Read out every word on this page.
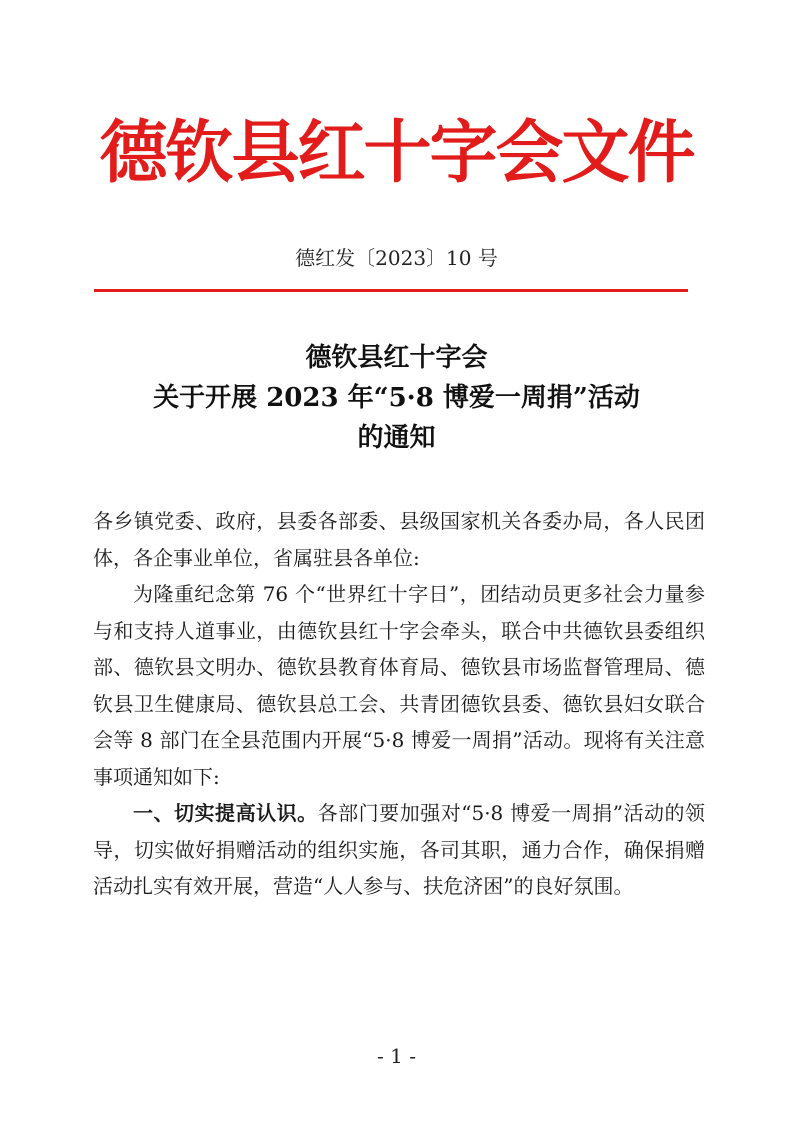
德钦县红十字会文件
德红发〔2023〕10 号
德钦县红十字会
关于开展 2023 年“5·8 博爱一周捐”活动
的通知

各乡镇党委、政府，县委各部委、县级国家机关各委办局，各人民团体，各企事业单位，省属驻县各单位:

为隆重纪念第 76 个“世界红十字日”，团结动员更多社会力量参与和支持人道事业，由德钦县红十字会牵头，联合中共德钦县委组织部、德钦县文明办、德钦县教育体育局、德钦县市场监督管理局、德钦县卫生健康局、德钦县总工会、共青团德钦县委、德钦县妇女联合会等 8 部门在全县范围内开展“5·8 博爱一周捐”活动。现将有关注意事项通知如下:

一、切实提高认识。各部门要加强对“5·8 博爱一周捐”活动的领导，切实做好捐赠活动的组织实施，各司其职，通力合作，确保捐赠活动扎实有效开展，营造“人人参与、扶危济困”的良好氛围。

- 1 -
